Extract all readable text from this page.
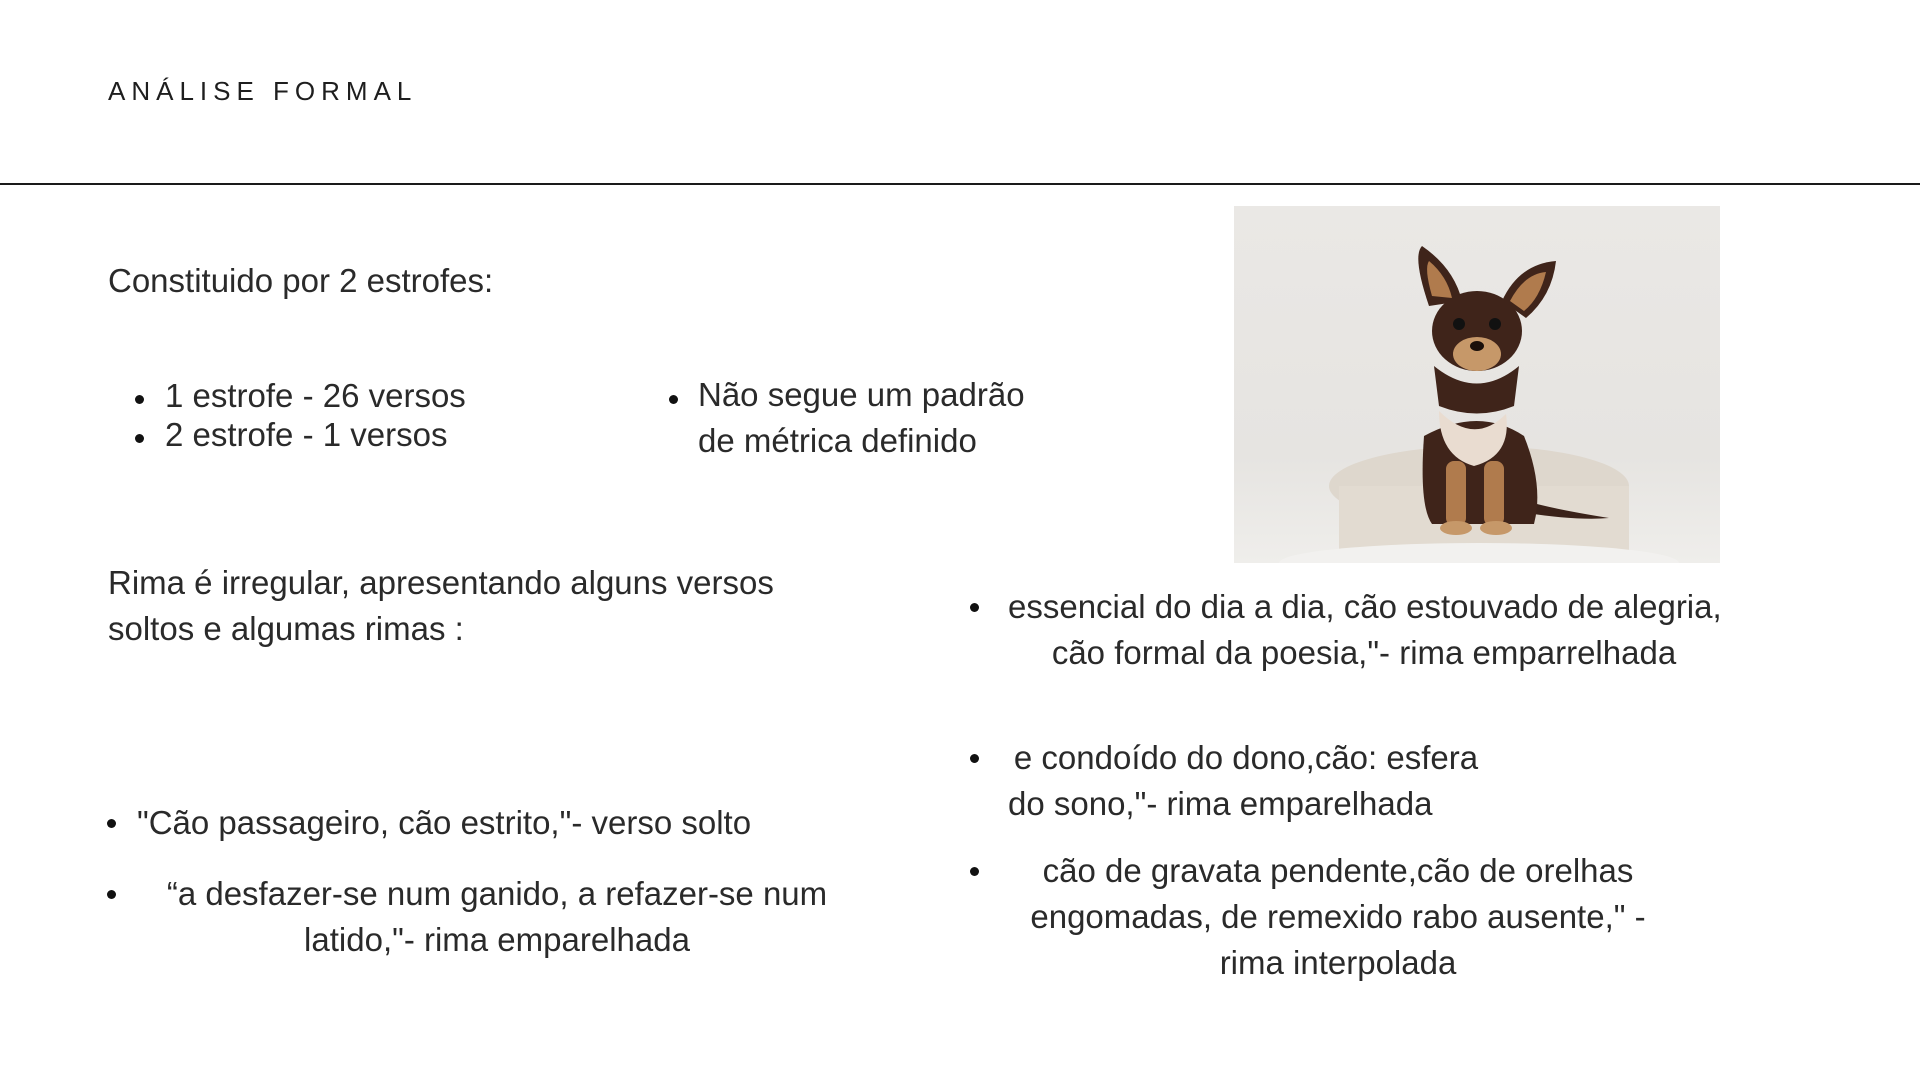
ANÁLISE FORMAL
Constituido por 2 estrofes:
1 estrofe - 26 versos
2 estrofe - 1 versos
Não segue um padrão
de métrica definido
Rima é irregular, apresentando alguns versos
soltos e algumas rimas :
"Cão passageiro, cão estrito,"- verso solto
“a desfazer-se num ganido, a refazer-se num
latido,"- rima emparelhada
essencial do dia a dia, cão estouvado de alegria,
cão formal da poesia,"- rima emparrelhada
e condoído do dono,cão: esfera
do sono,"- rima emparelhada
cão de gravata pendente,cão de orelhas
engomadas, de remexido rabo ausente," -
rima interpolada
